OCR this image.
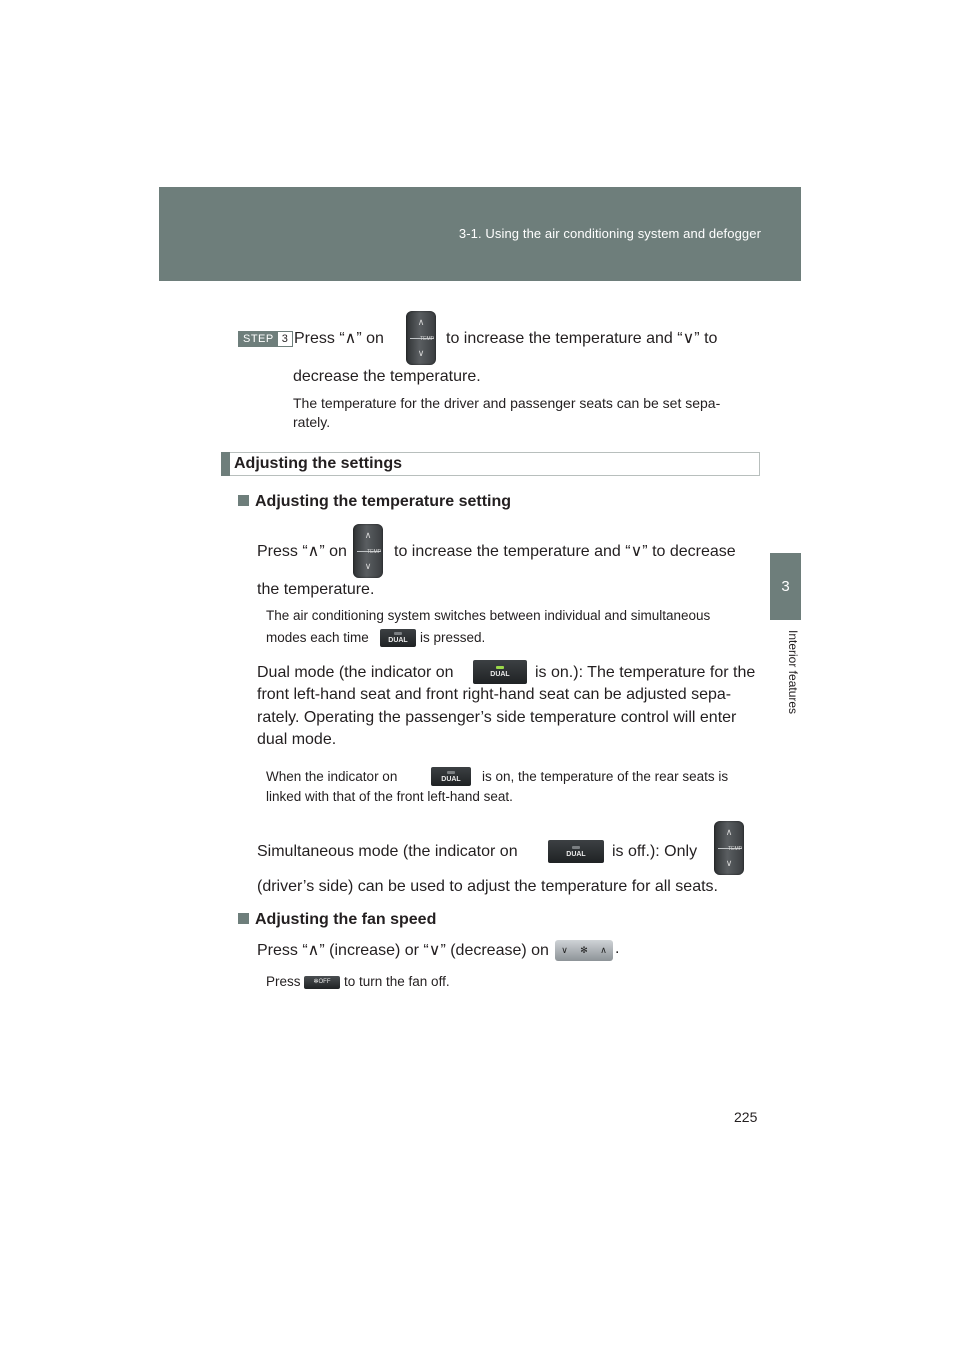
3-1. Using the air conditioning system and defogger
3
Interior features
STEP 3 Press “∧” on
∧
TEMP
∨
to increase the temperature and “∨” to
decrease the temperature.
The temperature for the driver and passenger seats can be set sepa-
rately.
Adjusting the settings
Adjusting the temperature setting
Press “∧” on
∧
TEMP
∨
to increase the temperature and “∨” to decrease
the temperature.
The air conditioning system switches between individual and simultaneous
modes each time	DUAL is pressed.
Dual mode (the indicator on	DUAL is on.): The temperature for the
front left-hand seat and front right-hand seat can be adjusted sepa-
rately. Operating the passenger’s side temperature control will enter
dual mode.
When the indicator on	DUAL is on, the temperature of the rear seats is
linked with that of the front left-hand seat.
Simultaneous mode (the indicator on	DUAL is off.): Only
∧
TEMP
∨
(driver’s side) can be used to adjust the temperature for all seats.
Adjusting the fan speed
Press “∧” (increase) or “∨” (decrease) on ∨ ✻ ∧ .
Press	✻OFF to turn the fan off.
225
